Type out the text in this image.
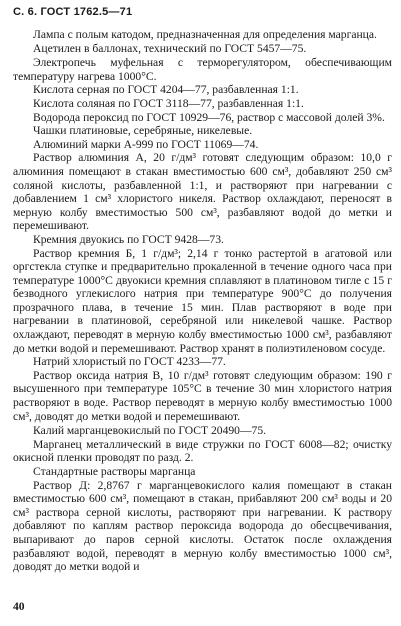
С. 6. ГОСТ 1762.5—71

Лампа с полым катодом, предназначенная для определения марганца.

Ацетилен в баллонах, технический по ГОСТ 5457—75.

Электропечь муфельная с терморегулятором, обеспечивающим температуру нагрева 1000°С.

Кислота серная по ГОСТ 4204—77, разбавленная 1:1.

Кислота соляная по ГОСТ 3118—77, разбавленная 1:1.

Водорода пероксид по ГОСТ 10929—76, раствор с массовой долей 3%.

Чашки платиновые, серебряные, никелевые.

Алюминий марки А-999 по ГОСТ 11069—74.

Раствор алюминия А, 20 г/дм³ готовят следующим образом: 10,0 г алюминия помещают в стакан вместимостью 600 см³, добавляют 250 см³ соляной кислоты, разбавленной 1:1, и растворяют при нагревании с добавлением 1 см³ хлористого никеля. Раствор охлаждают, переносят в мерную колбу вместимостью 500 см³, разбавляют водой до метки и перемешивают.

Кремния двуокись по ГОСТ 9428—73.

Раствор кремния Б, 1 г/дм³; 2,14 г тонко растертой в агатовой или оргстекла ступке и предварительно прокаленной в течение одного часа при температуре 1000°С двуокиси кремния сплавляют в платиновом тигле с 15 г безводного углекислого натрия при температуре 900°С до получения прозрачного плава, в течение 15 мин. Плав растворяют в воде при нагревании в платиновой, серебряной или никелевой чашке. Раствор охлаждают, переводят в мерную колбу вместимостью 1000 см³, разбавляют до метки водой и перемешивают. Раствор хранят в полиэтиленовом сосуде.

Натрий хлористый по ГОСТ 4233—77.

Раствор оксида натрия В, 10 г/дм³ готовят следующим образом: 190 г высушенного при температуре 105°С в течение 30 мин хлористого натрия растворяют в воде. Раствор переводят в мерную колбу вместимостью 1000 см³, доводят до метки водой и перемешивают.

Калий марганцевокислый по ГОСТ 20490—75.

Марганец металлический в виде стружки по ГОСТ 6008—82; очистку окисной пленки проводят по разд. 2.

Стандартные растворы марганца

Раствор Д: 2,8767 г марганцевокислого калия помещают в стакан вместимостью 600 см³, помещают в стакан, прибавляют 200 см³ воды и 20 см³ раствора серной кислоты, растворяют при нагревании. К раствору добавляют по каплям раствор пероксида водорода до обесцвечивания, выпаривают до паров серной кислоты. Остаток после охлаждения разбавляют водой, переводят в мерную колбу вместимостью 1000 см³, доводят до метки водой и

40
